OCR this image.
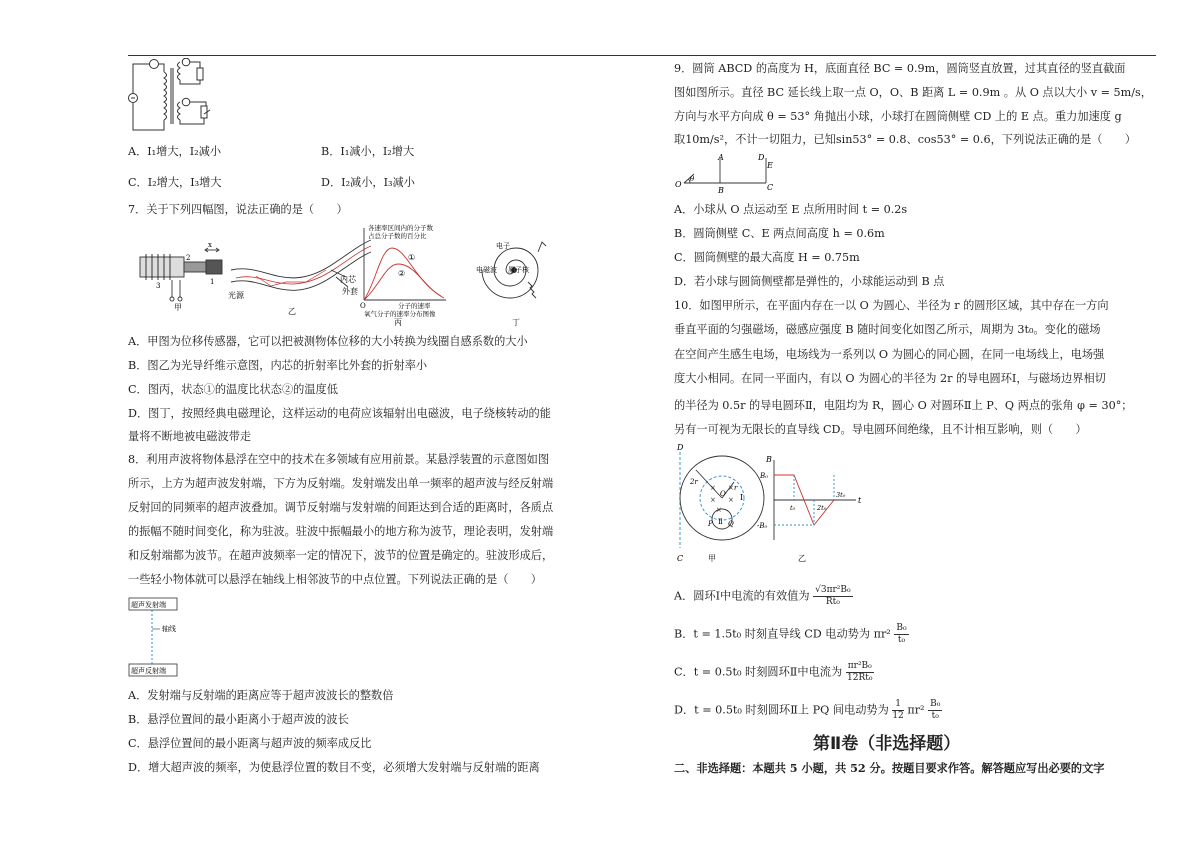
A．I₁增大，I₂减小	B．I₁减小，I₂增大
C．I₂增大，I₃增大	D．I₂减小，I₃减小
7．关于下列四幅图，说法正确的是（　　）
x
2
3	1
甲
光源
内芯
外套
乙
各速率区间内的分子数
占总分子数的百分比
①
②
O	分子的速率
氧气分子的速率分布图像
丙
电子
电磁波 原子核
丁
A．甲图为位移传感器，它可以把被测物体位移的大小转换为线圈自感系数的大小
B．图乙为光导纤维示意图，内芯的折射率比外套的折射率小
C．图丙，状态①的温度比状态②的温度低
D．图丁，按照经典电磁理论，这样运动的电荷应该辐射出电磁波，电子绕核转动的能
量将不断地被电磁波带走
8．利用声波将物体悬浮在空中的技术在多领域有应用前景。某悬浮装置的示意图如图
所示，上方为超声波发射端，下方为反射端。发射端发出单一频率的超声波与经反射端
反射回的同频率的超声波叠加。调节反射端与发射端的间距达到合适的距离时，各质点
的振幅不随时间变化，称为驻波。驻波中振幅最小的地方称为波节，理论表明，发射端
和反射端都为波节。在超声波频率一定的情况下，波节的位置是确定的。驻波形成后，
一些轻小物体就可以悬浮在轴线上相邻波节的中点位置。下列说法正确的是（　　）
超声发射端
轴线
超声反射端
A．发射端与反射端的距离应等于超声波波长的整数倍
B．悬浮位置间的最小距离小于超声波的波长
C．悬浮位置间的最小距离与超声波的频率成反比
D．增大超声波的频率，为使悬浮位置的数目不变，必须增大发射端与反射端的距离
9．圆筒 ABCD 的高度为 H，底面直径 BC = 0.9m，圆筒竖直放置，过其直径的竖直截面
图如图所示。直径 BC 延长线上取一点 O，O、B 距离 L = 0.9m 。从 O 点以大小 v = 5m/s，
方向与水平方向成 θ = 53° 角抛出小球，小球打在圆筒侧壁 CD 上的 E 点。重力加速度 g
取10m/s²，不计一切阻力，已知sin53° = 0.8、cos53° = 0.6，下列说法正确的是（　　）
A
B	C
D
E
O
θ
A．小球从 O 点运动至 E 点所用时间 t = 0.2s
B．圆筒侧壁 C、E 两点间高度 h = 0.6m
C．圆筒侧壁的最大高度 H = 0.75m
D．若小球与圆筒侧壁都是弹性的，小球能运动到 B 点
10．如图甲所示，在平面内存在一以 O 为圆心、半径为 r 的圆形区域，其中存在一方向
垂直平面的匀强磁场，磁感应强度 B 随时间变化如图乙所示，周期为 3t₀。变化的磁场
在空间产生感生电场，电场线为一系列以 O 为圆心的同心圆，在同一电场线上，电场强
度大小相同。在同一平面内，有以 O 为圆心的半径为 2r 的导电圆环Ⅰ，与磁场边界相切
的半径为 0.5r 的导电圆环Ⅱ，电阻均为 R，圆心 O 对圆环Ⅱ上 P、Q 两点的张角 φ = 30°；
另有一可视为无限长的直导线 CD。导电圆环间绝缘，且不计相互影响，则（　　）
× ×
× ×
×
D
C
2r
r
O Ⅰ
Ⅱ
P Q
甲
B
B₀
-B₀
t
t₀	2t₀
3t₀
乙
A．圆环Ⅰ中电流的有效值为 $\frac{\text{√3πr²B₀}}{\text{Rt₀}}$
B．t = 1.5t₀ 时刻直导线 CD 电动势为 $\pi r^2 \frac{\text{B₀}}{\text{t₀}}$
C．t = 0.5t₀ 时刻圆环Ⅱ中电流为 $\frac{\text{πr²B₀}}{\text{12Rt₀}}$
D．t = 0.5t₀ 时刻圆环Ⅱ上 PQ 间电动势为 $\frac{1}{12} \pi r^2 \frac{\text{B₀}}{\text{t₀}}$
二、非选择题：本题共 5 小题，共 52 分。按题目要求作答。解答题应写出必要的文字
第Ⅱ卷（非选择题）
